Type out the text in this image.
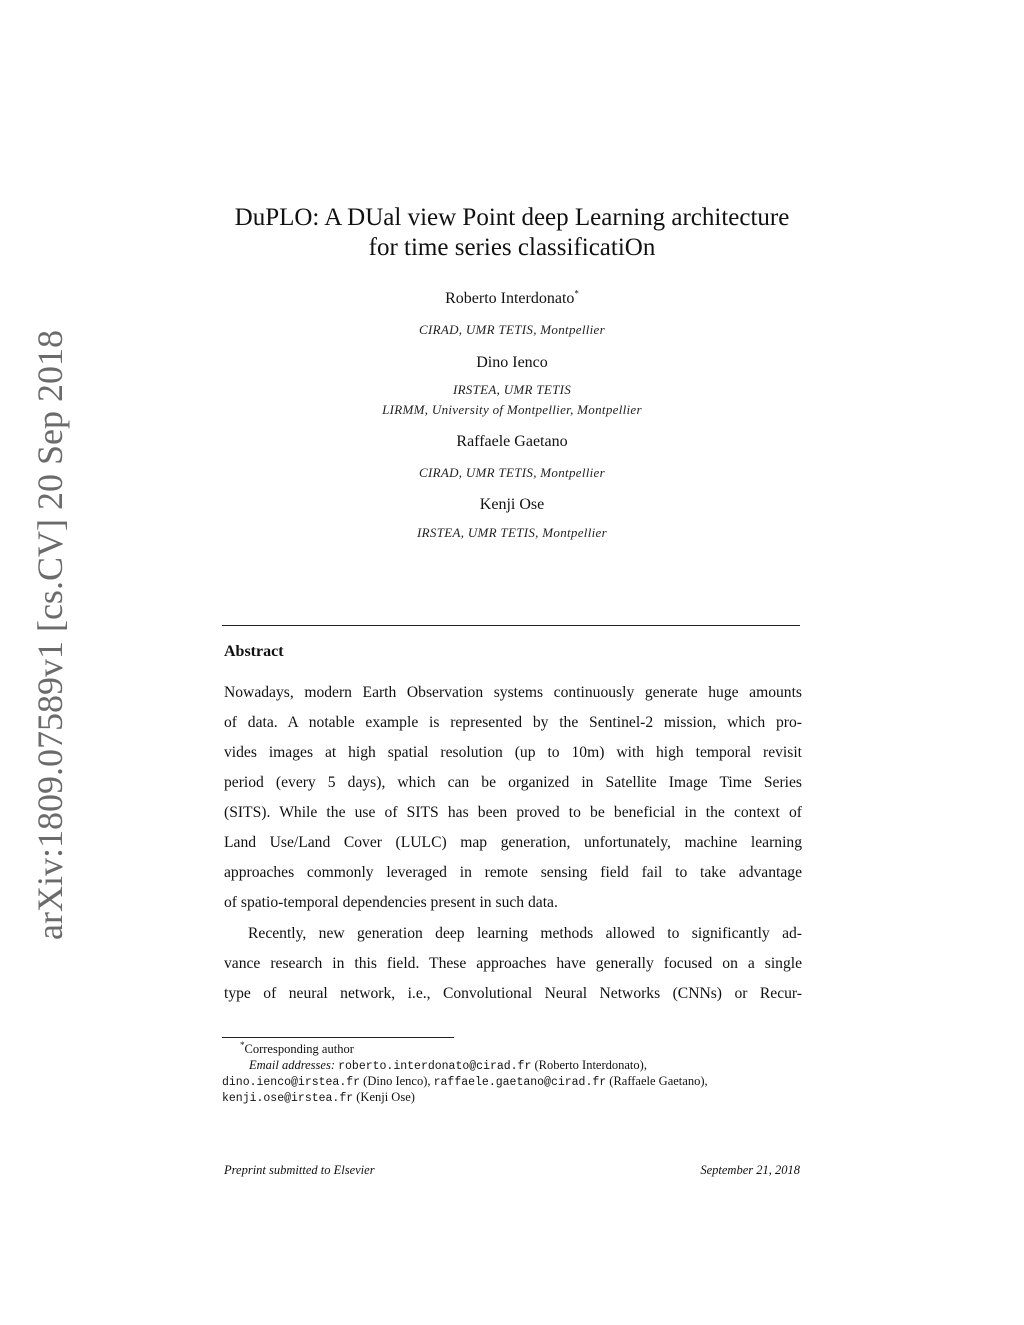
arXiv:1809.07589v1 [cs.CV] 20 Sep 2018
DuPLO: A DUal view Point deep Learning architecture
for time series classificatiOn
Roberto Interdonato*
CIRAD, UMR TETIS, Montpellier
Dino Ienco
IRSTEA, UMR TETIS
LIRMM, University of Montpellier, Montpellier
Raffaele Gaetano
CIRAD, UMR TETIS, Montpellier
Kenji Ose
IRSTEA, UMR TETIS, Montpellier
Abstract
Nowadays, modern Earth Observation systems continuously generate huge amounts
of data. A notable example is represented by the Sentinel-2 mission, which pro-
vides images at high spatial resolution (up to 10m) with high temporal revisit
period (every 5 days), which can be organized in Satellite Image Time Series
(SITS). While the use of SITS has been proved to be beneficial in the context of
Land Use/Land Cover (LULC) map generation, unfortunately, machine learning
approaches commonly leveraged in remote sensing field fail to take advantage
of spatio-temporal dependencies present in such data.
Recently, new generation deep learning methods allowed to significantly ad-
vance research in this field. These approaches have generally focused on a single
type of neural network, i.e., Convolutional Neural Networks (CNNs) or Recur-
*Corresponding author
Email addresses: roberto.interdonato@cirad.fr (Roberto Interdonato),
dino.ienco@irstea.fr (Dino Ienco), raffaele.gaetano@cirad.fr (Raffaele Gaetano),
kenji.ose@irstea.fr (Kenji Ose)
Preprint submitted to Elsevier	September 21, 2018
